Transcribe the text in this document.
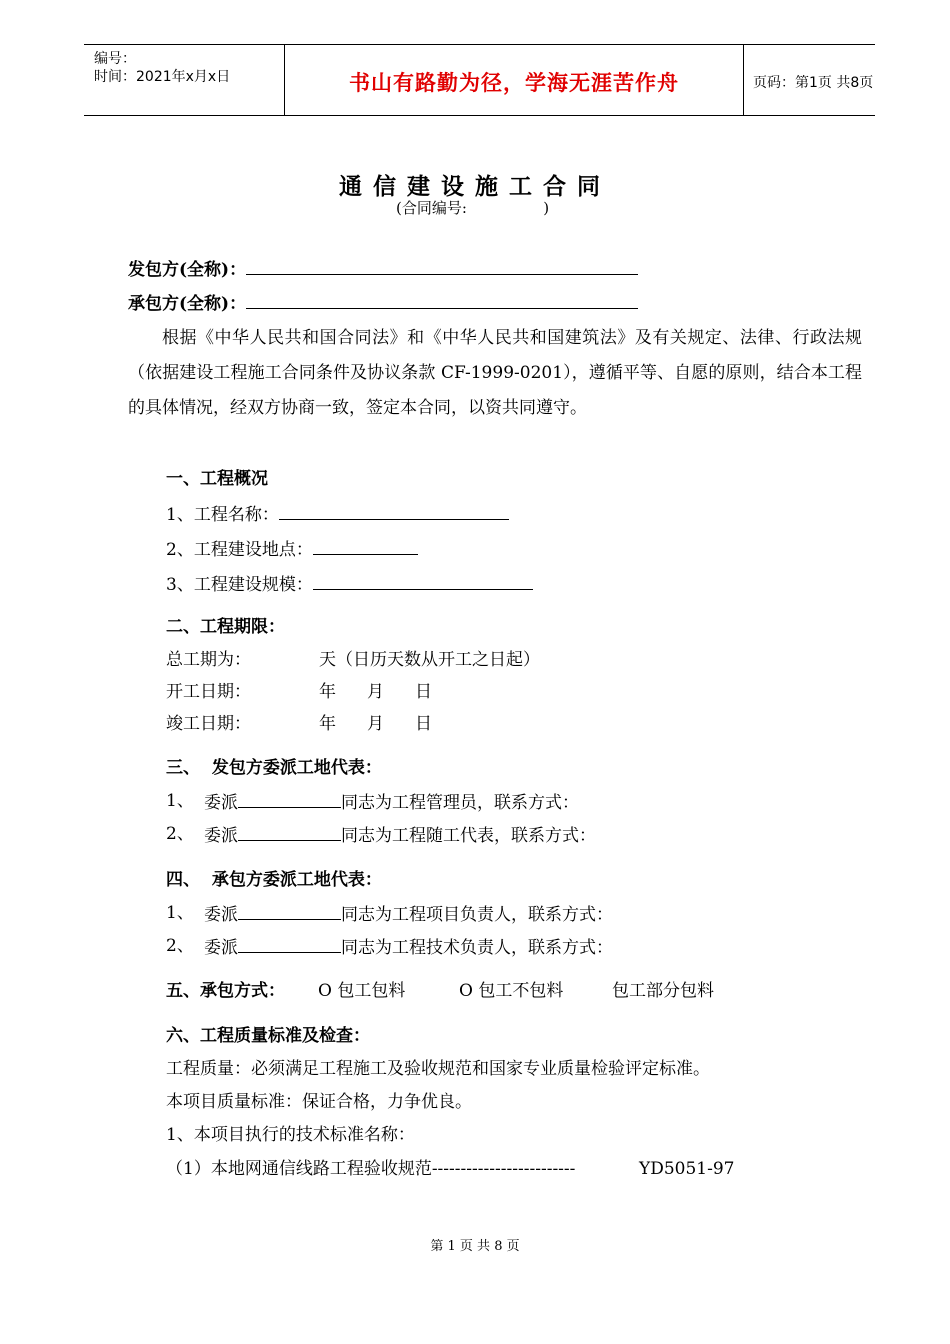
编号：
时间：2021年x月x日	书山有路勤为径，学海无涯苦作舟	页码：第1页 共8页
通信建设施工合同
(合同编号:                )
发包方(全称)：
承包方(全称)：
根据《中华人民共和国合同法》和《中华人民共和国建筑法》及有关规定、法律、行政法规（依据建设工程施工合同条件及协议条款 CF-1999-0201），遵循平等、自愿的原则，结合本工程的具体情况，经双方协商一致，签定本合同，以资共同遵守。
一、工程概况
1、工程名称：
2、工程建设地点：
3、工程建设规模：
二、工程期限：
总工期为：	天（日历天数从开工之日起）
开工日期：	年 月 日
竣工日期：	年 月 日
三、  发包方委派工地代表：
1、 委派	同志为工程管理员，联系方式：
2、 委派	同志为工程随工代表，联系方式：
四、  承包方委派工地代表：
1、 委派	同志为工程项目负责人，联系方式：
2、 委派	同志为工程技术负责人，联系方式：
五、承包方式： O 包工包料	O 包工不包料	包工部分包料
六、工程质量标准及检查：
工程质量：必须满足工程施工及验收规范和国家专业质量检验评定标准。
本项目质量标准：保证合格，力争优良。
1、本项目执行的技术标准名称：
（1）本地网通信线路工程验收规范-------------------------	YD5051-97
第 1 页 共 8 页
